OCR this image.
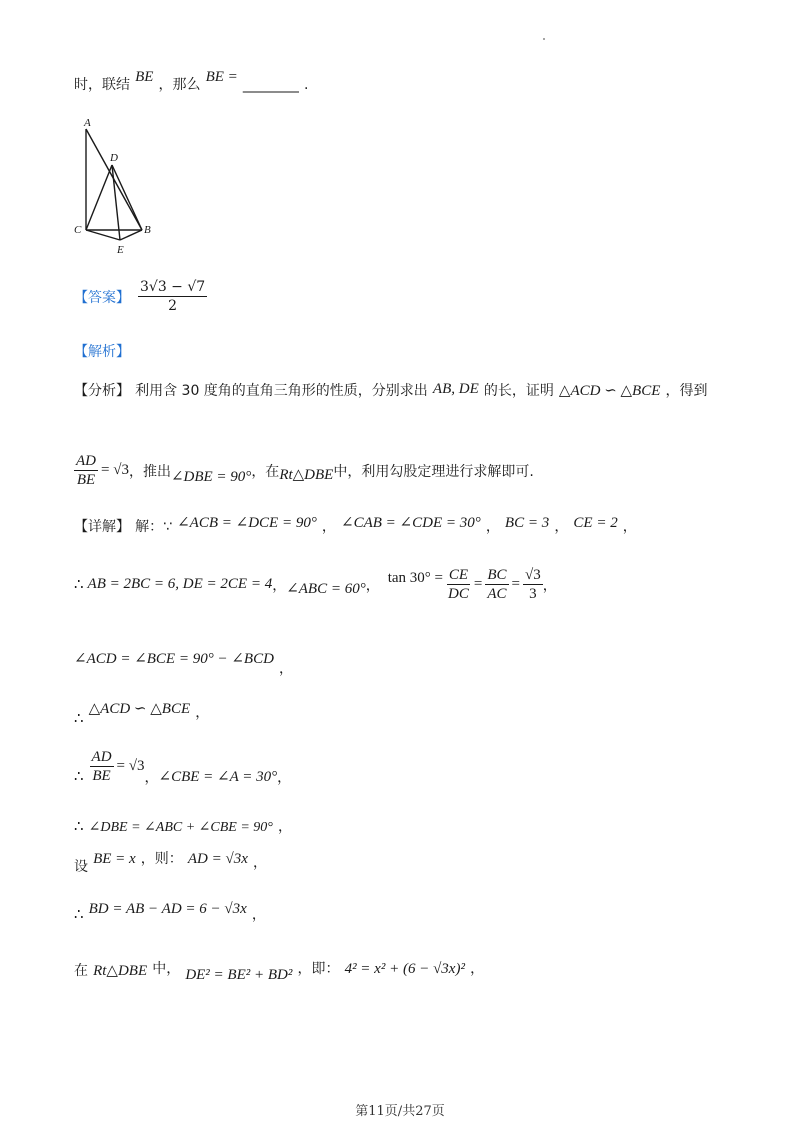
时，联结 BE ，那么 BE = ________ .
A
D
C	B
E
【答案】 $\frac{3√3 - √7}{2}$
【解析】
【分析】 利用含 30 度角的直角三角形的性质，分别求出 AB, DE 的长，证明 △ACD ∽ △BCE ，得到
$\frac{AD}{BE} = √3$ ，推出 ∠DBE = 90° ，在 Rt△DBE 中，利用勾股定理进行求解即可.
【详解】 解：∵ ∠ACB = ∠DCE = 90° ， ∠CAB = ∠CDE = 30° ， BC = 3 ， CE = 2 ，
∴ AB = 2BC = 6, DE = 2CE = 4 ， ∠ABC = 60° ， $\tan 30^\circ = \frac{CE}{DC} = \frac{BC}{AC} = \frac{√3}{3}$ ，
∠ACD = ∠BCE = 90° − ∠BCD ，
∴ △ACD ∽ △BCE ，
∴ $\frac{AD}{BE} = √3$
， ∠CBE = ∠A = 30° ，
∴ ∠DBE = ∠ABC + ∠CBE = 90° ，
设 BE = x ，则： AD = √3x ，
∴ BD = AB − AD = 6 − √3x ，
在 Rt△DBE 中， DE² = BE² + BD² ，即： 4² = x² + (6 − √3x)² ，
第11页/共27页
